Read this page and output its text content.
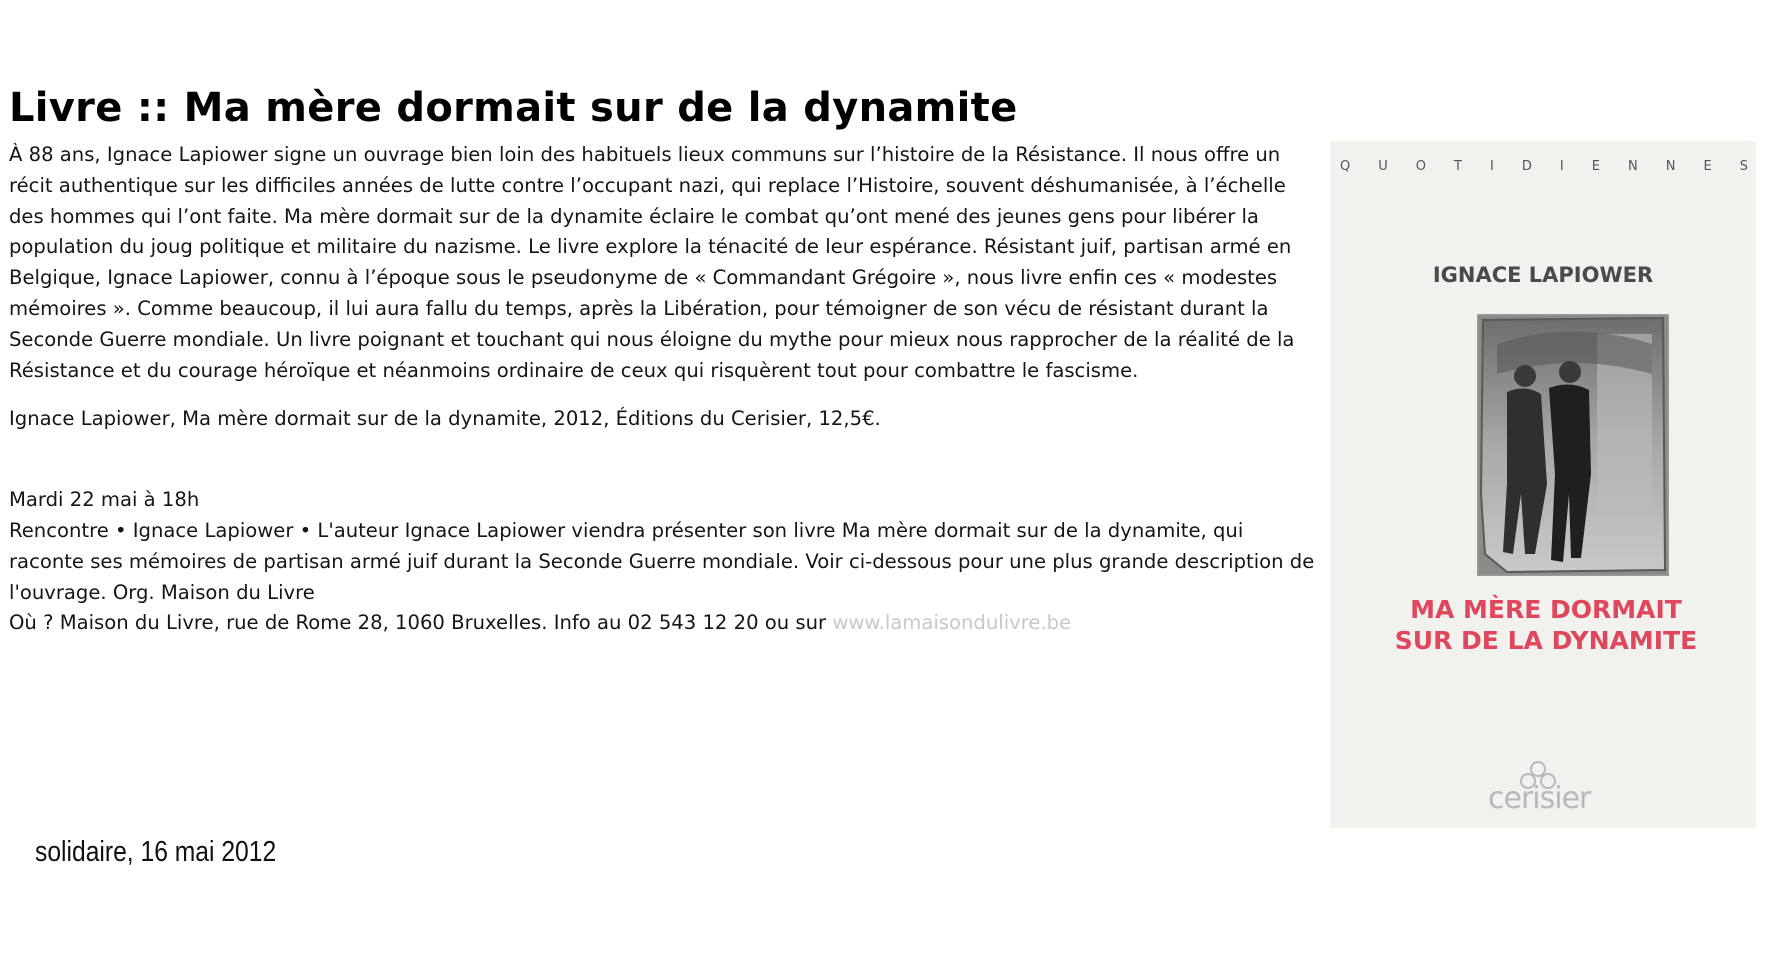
Livre :: Ma mère dormait sur de la dynamite

À 88 ans, Ignace Lapiower signe un ouvrage bien loin des habituels lieux communs sur l’histoire de la Résistance. Il nous offre un récit authentique sur les difficiles années de lutte contre l’occupant nazi, qui replace l’Histoire, souvent déshumanisée, à l’échelle des hommes qui l’ont faite. Ma mère dormait sur de la dynamite éclaire le combat qu’ont mené des jeunes gens pour libérer la population du joug politique et militaire du nazisme. Le livre explore la ténacité de leur espérance. Résistant juif, partisan armé en Belgique, Ignace Lapiower, connu à l’époque sous le pseudonyme de « Commandant Grégoire », nous livre enfin ces « modestes mémoires ». Comme beaucoup, il lui aura fallu du temps, après la Libération, pour témoigner de son vécu de résistant durant la Seconde Guerre mondiale. Un livre poignant et touchant qui nous éloigne du mythe pour mieux nous rapprocher de la réalité de la Résistance et du courage héroïque et néanmoins ordinaire de ceux qui risquèrent tout pour combattre le fascisme.

Ignace Lapiower, Ma mère dormait sur de la dynamite, 2012, Éditions du Cerisier, 12,5€.

Mardi 22 mai à 18h
Rencontre • Ignace Lapiower • L'auteur Ignace Lapiower viendra présenter son livre Ma mère dormait sur de la dynamite, qui raconte ses mémoires de partisan armé juif durant la Seconde Guerre mondiale. Voir ci-dessous pour une plus grande description de l'ouvrage. Org. Maison du Livre
Où ? Maison du Livre, rue de Rome 28, 1060 Bruxelles. Info au 02 543 12 20 ou sur www.lamaisondulivre.be
Q U O T I D I E N N E S
IGNACE LAPIOWER
MA MÈRE DORMAIT
SUR DE LA DYNAMITE
cerisier
solidaire, 16 mai 2012
